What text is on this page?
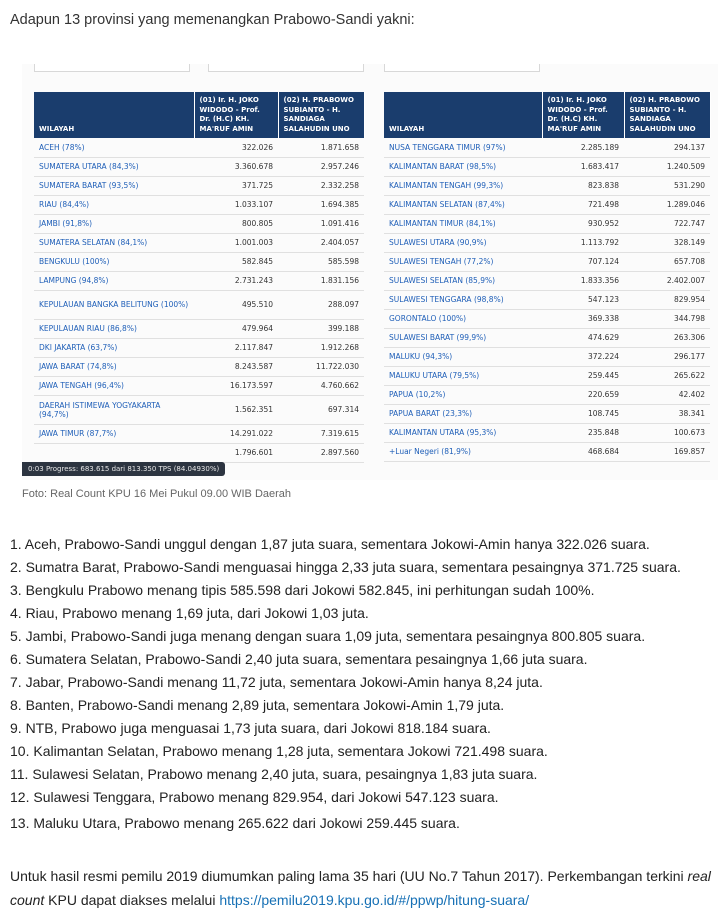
Adapun 13 provinsi yang memenangkan Prabowo-Sandi yakni:

WILAYAH	(01) Ir. H. JOKO WIDODO - Prof. Dr. (H.C) KH. MA'RUF AMIN	(02) H. PRABOWO SUBIANTO - H. SANDIAGA SALAHUDIN UNO
ACEH (78%)	322.026	1.871.658
SUMATERA UTARA (84,3%)	3.360.678	2.957.246
SUMATERA BARAT (93,5%)	371.725	2.332.258
RIAU (84,4%)	1.033.107	1.694.385
JAMBI (91,8%)	800.805	1.091.416
SUMATERA SELATAN (84,1%)	1.001.003	2.404.057
BENGKULU (100%)	582.845	585.598
LAMPUNG (94,8%)	2.731.243	1.831.156
KEPULAUAN BANGKA BELITUNG (100%)	495.510	288.097
KEPULAUAN RIAU (86,8%)	479.964	399.188
DKI JAKARTA (63,7%)	2.117.847	1.912.268
JAWA BARAT (74,8%)	8.243.587	11.722.030
JAWA TENGAH (96,4%)	16.173.597	4.760.662
DAERAH ISTIMEWA YOGYAKARTA (94,7%)	1.562.351	697.314
JAWA TIMUR (87,7%)	14.291.022	7.319.615
	1.796.601	2.897.560
WILAYAH	(01) Ir. H. JOKO WIDODO - Prof. Dr. (H.C) KH. MA'RUF AMIN	(02) H. PRABOWO SUBIANTO - H. SANDIAGA SALAHUDIN UNO
NUSA TENGGARA TIMUR (97%)	2.285.189	294.137
KALIMANTAN BARAT (98,5%)	1.683.417	1.240.509
KALIMANTAN TENGAH (99,3%)	823.838	531.290
KALIMANTAN SELATAN (87,4%)	721.498	1.289.046
KALIMANTAN TIMUR (84,1%)	930.952	722.747
SULAWESI UTARA (90,9%)	1.113.792	328.149
SULAWESI TENGAH (77,2%)	707.124	657.708
SULAWESI SELATAN (85,9%)	1.833.356	2.402.007
SULAWESI TENGGARA (98,8%)	547.123	829.954
GORONTALO (100%)	369.338	344.798
SULAWESI BARAT (99,9%)	474.629	263.306
MALUKU (94,3%)	372.224	296.177
MALUKU UTARA (79,5%)	259.445	265.622
PAPUA (10,2%)	220.659	42.402
PAPUA BARAT (23,3%)	108.745	38.341
KALIMANTAN UTARA (95,3%)	235.848	100.673
+Luar Negeri (81,9%)	468.684	169.857
0:03 Progress: 683.615 dari 813.350 TPS (84.04930%)

Foto: Real Count KPU 16 Mei Pukul 09.00 WIB Daerah

1. Aceh, Prabowo-Sandi unggul dengan 1,87 juta suara, sementara Jokowi-Amin hanya 322.026 suara.
2. Sumatra Barat, Prabowo-Sandi menguasai hingga 2,33 juta suara, sementara pesaingnya 371.725 suara.
3. Bengkulu Prabowo menang tipis 585.598 dari Jokowi 582.845, ini perhitungan sudah 100%.
4. Riau, Prabowo menang 1,69 juta, dari Jokowi 1,03 juta.
5. Jambi, Prabowo-Sandi juga menang dengan suara 1,09 juta, sementara pesaingnya 800.805 suara.
6. Sumatera Selatan, Prabowo-Sandi 2,40 juta suara, sementara pesaingnya 1,66 juta suara.
7. Jabar, Prabowo-Sandi menang 11,72 juta, sementara Jokowi-Amin hanya 8,24 juta.
8. Banten, Prabowo-Sandi menang 2,89 juta, sementara Jokowi-Amin 1,79 juta.
9. NTB, Prabowo juga menguasai 1,73 juta suara, dari Jokowi 818.184 suara.
10. Kalimantan Selatan, Prabowo menang 1,28 juta, sementara Jokowi 721.498 suara.
11. Sulawesi Selatan, Prabowo menang 2,40 juta, suara, pesaingnya 1,83 juta suara.
12. Sulawesi Tenggara, Prabowo menang 829.954, dari Jokowi 547.123 suara.
13. Maluku Utara, Prabowo menang 265.622 dari Jokowi 259.445 suara.

Untuk hasil resmi pemilu 2019 diumumkan paling lama 35 hari (UU No.7 Tahun 2017). Perkembangan terkini real count KPU dapat diakses melalui https://pemilu2019.kpu.go.id/#/ppwp/hitung-suara/
